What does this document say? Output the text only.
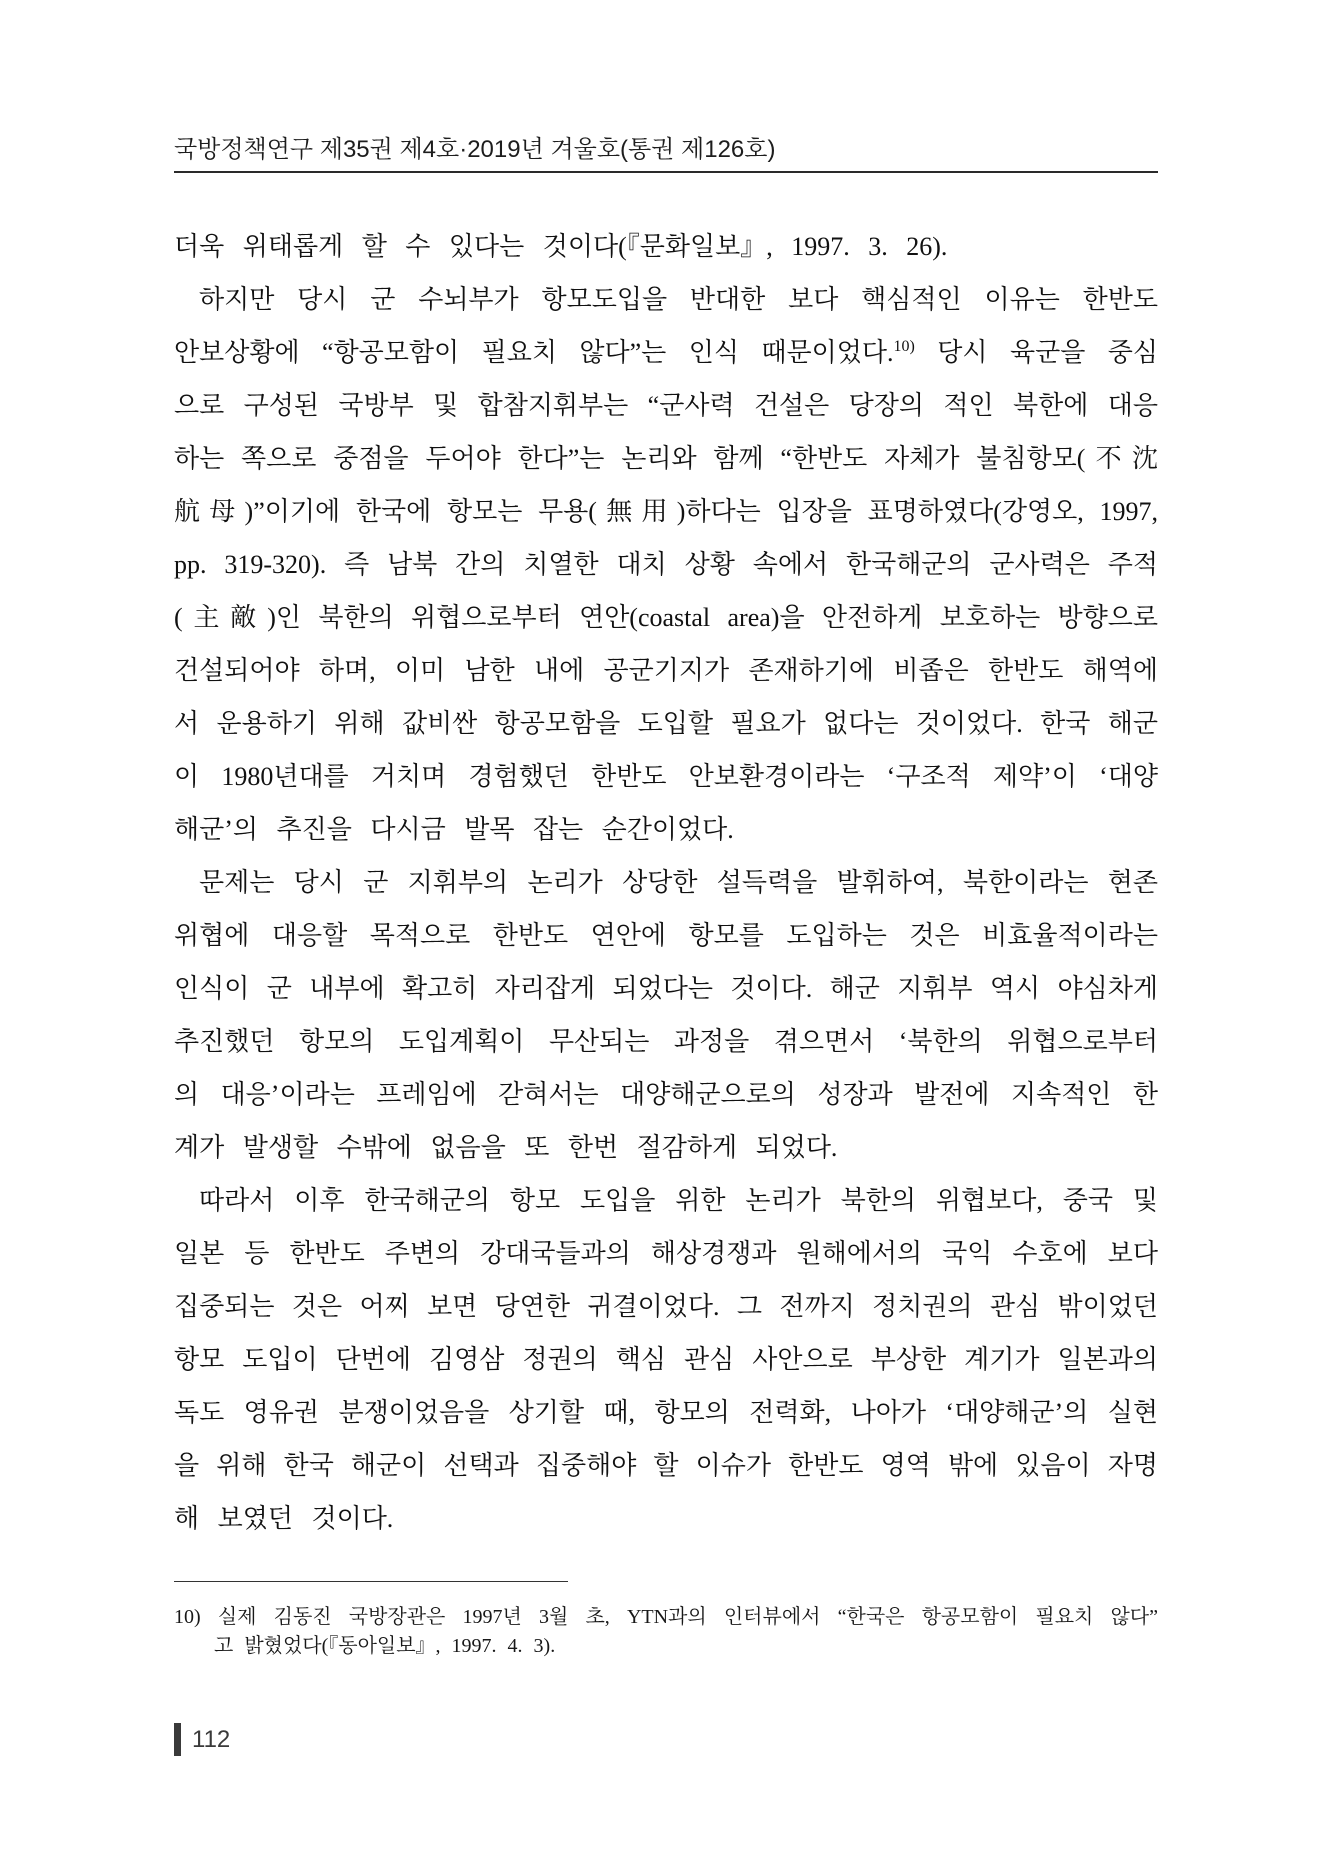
국방정책연구 제35권 제4호·2019년 겨울호(통권 제126호)
더욱 위태롭게 할 수 있다는 것이다(『문화일보』, 1997. 3. 26).
하지만 당시 군 수뇌부가 항모도입을 반대한 보다 핵심적인 이유는 한반도
안보상황에 “항공모함이 필요치 않다”는 인식 때문이었다.$^{10)}$ 당시 육군을 중심
으로 구성된 국방부 및 합참지휘부는 “군사력 건설은 당장의 적인 북한에 대응
하는 쪽으로 중점을 두어야 한다”는 논리와 함께 “한반도 자체가 불침항모(不沈
航母)”이기에 한국에 항모는 무용(無用)하다는 입장을 표명하였다(강영오, 1997,
pp. 319-320). 즉 남북 간의 치열한 대치 상황 속에서 한국해군의 군사력은 주적
(主敵)인 북한의 위협으로부터 연안(coastal area)을 안전하게 보호하는 방향으로
건설되어야 하며, 이미 남한 내에 공군기지가 존재하기에 비좁은 한반도 해역에
서 운용하기 위해 값비싼 항공모함을 도입할 필요가 없다는 것이었다. 한국 해군
이 1980년대를 거치며 경험했던 한반도 안보환경이라는 ‘구조적 제약’이 ‘대양
해군’의 추진을 다시금 발목 잡는 순간이었다.
문제는 당시 군 지휘부의 논리가 상당한 설득력을 발휘하여, 북한이라는 현존
위협에 대응할 목적으로 한반도 연안에 항모를 도입하는 것은 비효율적이라는
인식이 군 내부에 확고히 자리잡게 되었다는 것이다. 해군 지휘부 역시 야심차게
추진했던 항모의 도입계획이 무산되는 과정을 겪으면서 ‘북한의 위협으로부터
의 대응’이라는 프레임에 갇혀서는 대양해군으로의 성장과 발전에 지속적인 한
계가 발생할 수밖에 없음을 또 한번 절감하게 되었다.
따라서 이후 한국해군의 항모 도입을 위한 논리가 북한의 위협보다, 중국 및
일본 등 한반도 주변의 강대국들과의 해상경쟁과 원해에서의 국익 수호에 보다
집중되는 것은 어찌 보면 당연한 귀결이었다. 그 전까지 정치권의 관심 밖이었던
항모 도입이 단번에 김영삼 정권의 핵심 관심 사안으로 부상한 계기가 일본과의
독도 영유권 분쟁이었음을 상기할 때, 항모의 전력화, 나아가 ‘대양해군’의 실현
을 위해 한국 해군이 선택과 집중해야 할 이슈가 한반도 영역 밖에 있음이 자명
해 보였던 것이다.
10) 실제 김동진 국방장관은 1997년 3월 초, YTN과의 인터뷰에서 “한국은 항공모함이 필요치 않다”
고 밝혔었다(『동아일보』, 1997. 4. 3).
112
